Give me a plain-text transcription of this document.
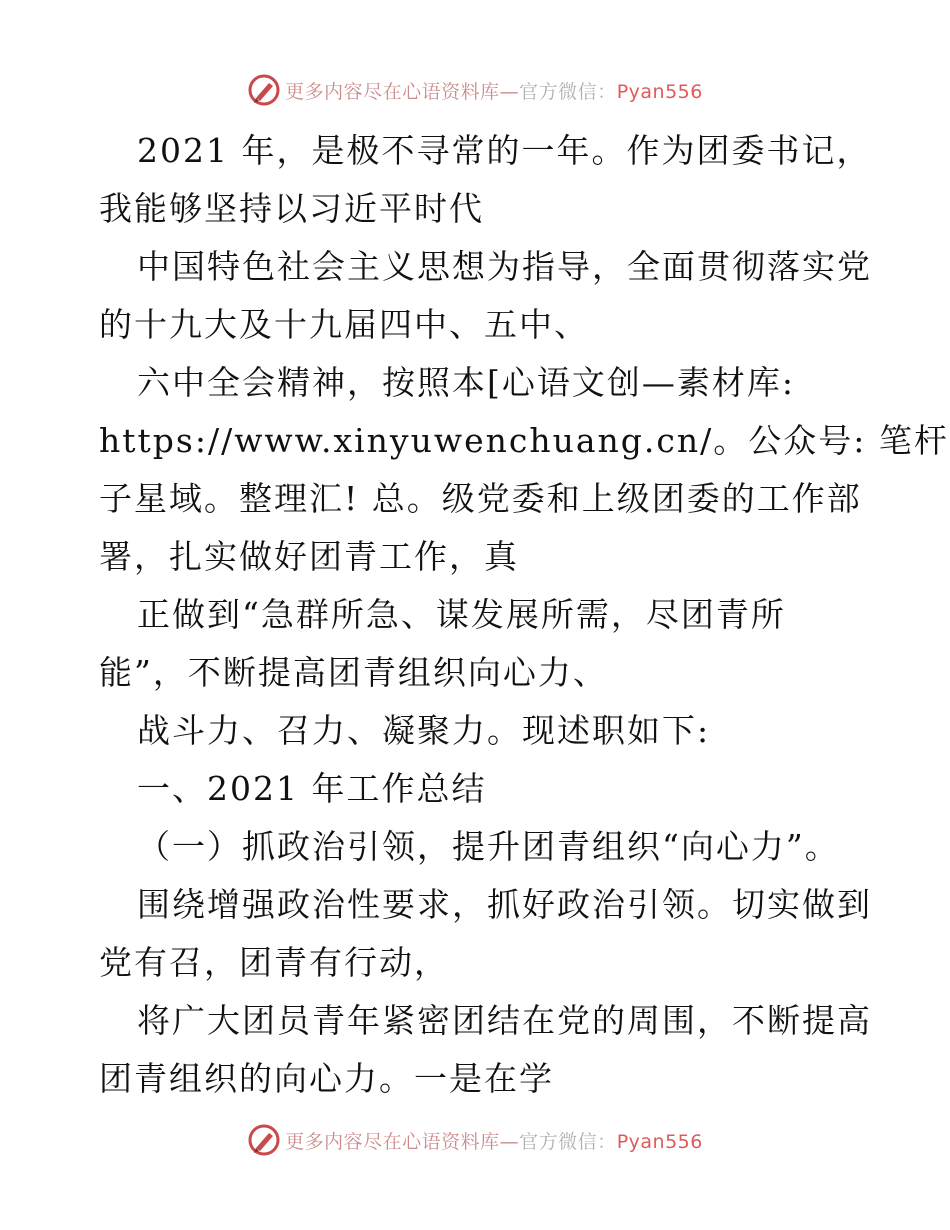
更多内容尽在心语资料库—官方微信：Pyan556
2021 年，是极不寻常的一年。作为团委书记，
我能够坚持以习近平时代
中国特色社会主义思想为指导，全面贯彻落实党
的十九大及十九届四中、五中、
六中全会精神，按照本[心语文创—素材库:
https://www.xinyuwenchuang.cn/。公众号: 笔杆
子星域。整理汇! 总。级党委和上级团委的工作部
署，扎实做好团青工作，真
正做到“急群所急、谋发展所需，尽团青所
能”，不断提高团青组织向心力、
战斗力、召力、凝聚力。现述职如下:
一、2021 年工作总结
（一）抓政治引领，提升团青组织“向心力”。
围绕增强政治性要求，抓好政治引领。切实做到
党有召，团青有行动，
将广大团员青年紧密团结在党的周围，不断提高
团青组织的向心力。一是在学
更多内容尽在心语资料库—官方微信：Pyan556
